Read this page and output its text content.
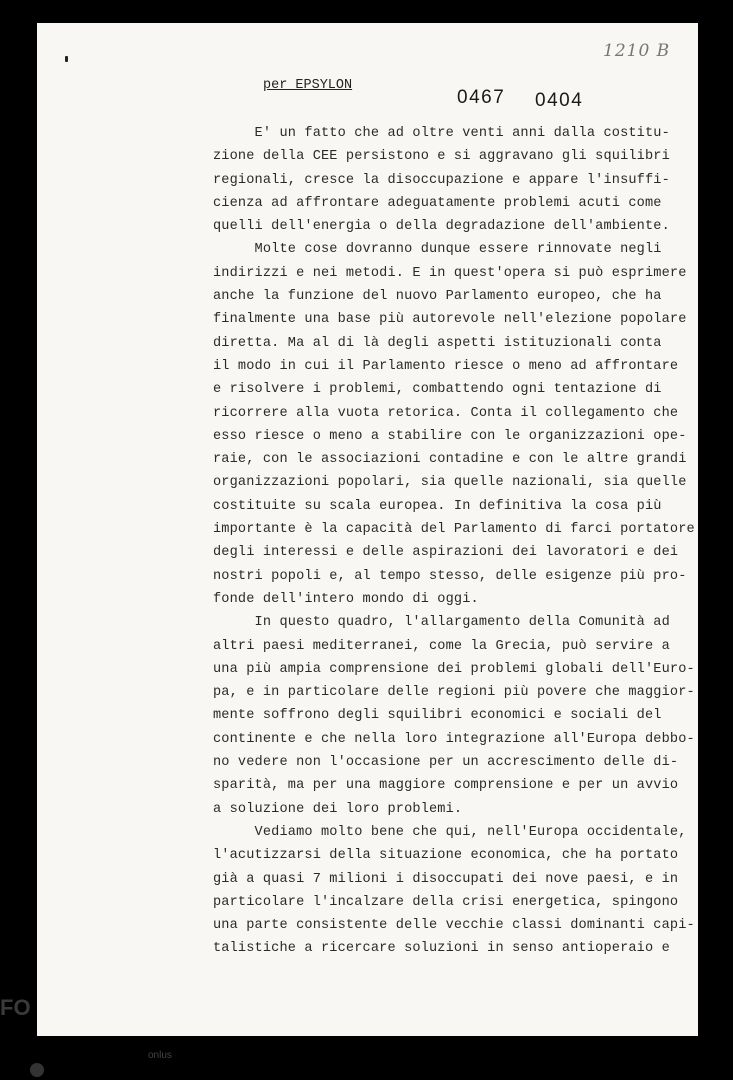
1210 B
per EPSYLON
0467 0404
E' un fatto che ad oltre venti anni dalla costitu-
zione della CEE persistono e si aggravano gli squilibri
regionali, cresce la disoccupazione e appare l'insuffi-
cienza ad affrontare adeguatamente problemi acuti come
quelli dell'energia o della degradazione dell'ambiente.
Molte cose dovranno dunque essere rinnovate negli
indirizzi e nei metodi. E in quest'opera si può esprimere
anche la funzione del nuovo Parlamento europeo, che ha
finalmente una base più autorevole nell'elezione popolare
diretta. Ma al di là degli aspetti istituzionali conta
il modo in cui il Parlamento riesce o meno ad affrontare
e risolvere i problemi, combattendo ogni tentazione di
ricorrere alla vuota retorica. Conta il collegamento che
esso riesce o meno a stabilire con le organizzazioni ope-
raie, con le associazioni contadine e con le altre grandi
organizzazioni popolari, sia quelle nazionali, sia quelle
costituite su scala europea. In definitiva la cosa più
importante è la capacità del Parlamento di farci portatore
degli interessi e delle aspirazioni dei lavoratori e dei
nostri popoli e, al tempo stesso, delle esigenze più pro-
fonde dell'intero mondo di oggi.
In questo quadro, l'allargamento della Comunità ad
altri paesi mediterranei, come la Grecia, può servire a
una più ampia comprensione dei problemi globali dell'Euro-
pa, e in particolare delle regioni più povere che maggior-
mente soffrono degli squilibri economici e sociali del
continente e che nella loro integrazione all'Europa debbo-
no vedere non l'occasione per un accrescimento delle di-
sparità, ma per una maggiore comprensione e per un avvio
a soluzione dei loro problemi.
Vediamo molto bene che qui, nell'Europa occidentale,
l'acutizzarsi della situazione economica, che ha portato
già a quasi 7 milioni i disoccupati dei nove paesi, e in
particolare l'incalzare della crisi energetica, spingono
una parte consistente delle vecchie classi dominanti capi-
talistiche a ricercare soluzioni in senso antioperaio e
FO
onlus
